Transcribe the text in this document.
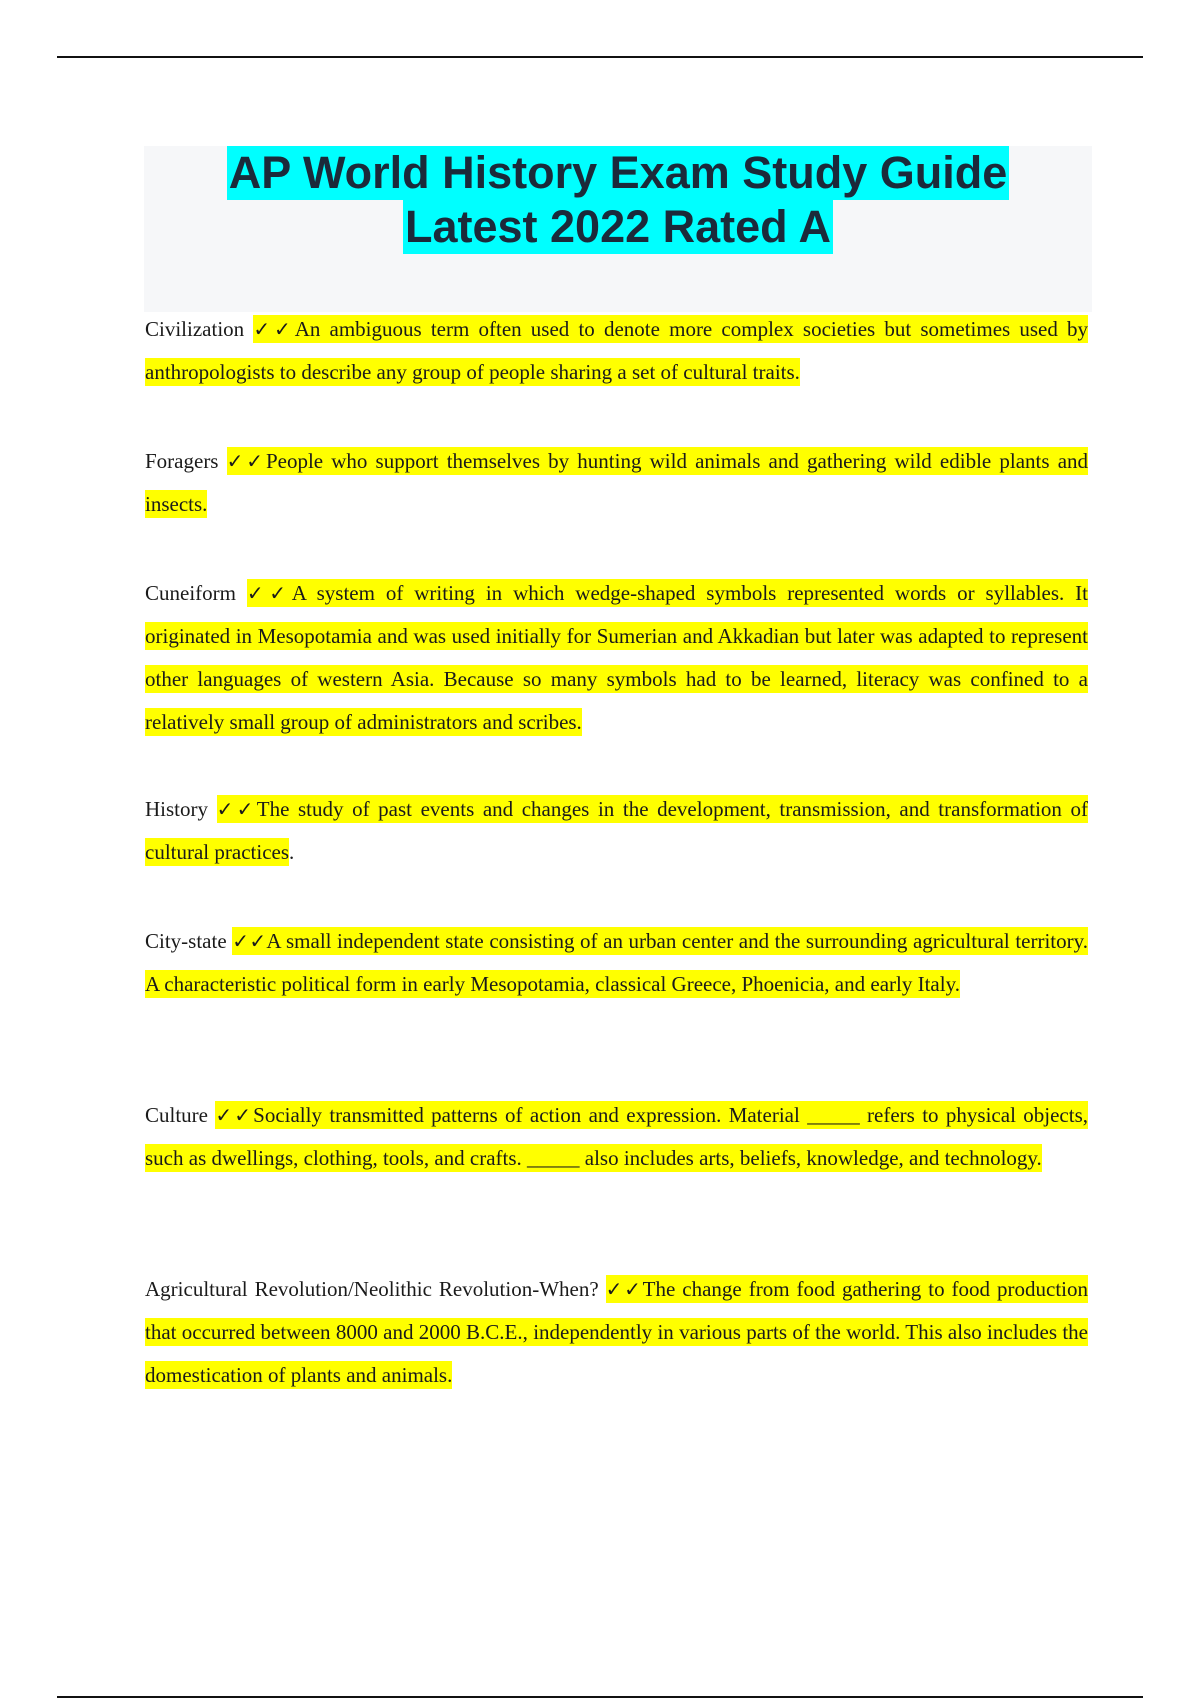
AP World History Exam Study Guide
Latest 2022 Rated A
Civilization ✓✓An ambiguous term often used to denote more complex societies but sometimes used by anthropologists to describe any group of people sharing a set of cultural traits.
Foragers ✓✓People who support themselves by hunting wild animals and gathering wild edible plants and insects.
Cuneiform ✓✓A system of writing in which wedge-shaped symbols represented words or syllables. It originated in Mesopotamia and was used initially for Sumerian and Akkadian but later was adapted to represent other languages of western Asia. Because so many symbols had to be learned, literacy was confined to a relatively small group of administrators and scribes.
History ✓✓The study of past events and changes in the development, transmission, and transformation of cultural practices.
City-state ✓✓A small independent state consisting of an urban center and the surrounding agricultural territory. A characteristic political form in early Mesopotamia, classical Greece, Phoenicia, and early Italy.
Culture ✓✓Socially transmitted patterns of action and expression. Material _____ refers to physical objects, such as dwellings, clothing, tools, and crafts. _____ also includes arts, beliefs, knowledge, and technology.
Agricultural Revolution/Neolithic Revolution-When? ✓✓The change from food gathering to food production that occurred between 8000 and 2000 B.C.E., independently in various parts of the world. This also includes the domestication of plants and animals.
